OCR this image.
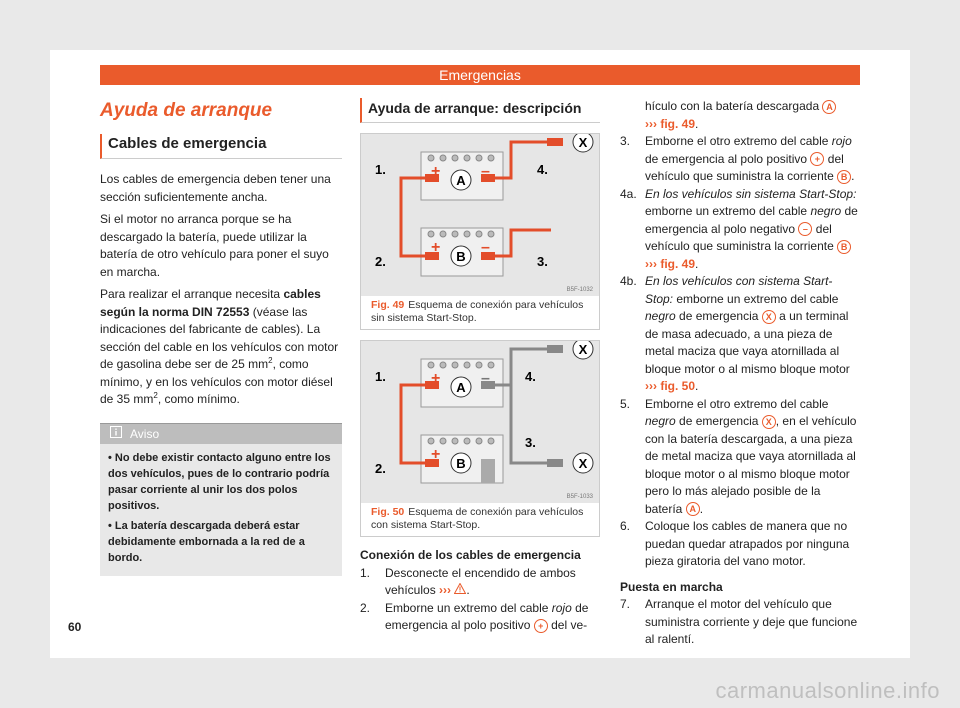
Emergencias
Ayuda de arranque
Cables de emergencia

Los cables de emergencia deben tener una sección suficientemente ancha.

Si el motor no arranca porque se ha descargado la batería, puede utilizar la batería de otro vehículo para poner el suyo en marcha.

Para realizar el arranque necesita cables según la norma DIN 72553 (véase las indicaciones del fabricante de cables). La sección del cable en los vehículos con motor de gasolina debe ser de 25 $mm^2$, como mínimo, y en los vehículos con motor diésel de 35 $mm^2$, como mínimo.

Aviso

• No debe existir contacto alguno entre los dos vehículos, pues de lo contrario podría pasar corriente al unir los dos polos positivos.

• La batería descargada deberá estar debidamente embornada a la red de a bordo.

Ayuda de arranque: descripción
+	–
+	–
A
B
X
1.
2.	3.
4.
B5F-1032
Fig. 49 Esquema de conexión para vehículos sin sistema Start-Stop.
+	–
+
A
B
X
X
1.
2.
3.
4.
B5F-1033
Fig. 50 Esquema de conexión para vehículos con sistema Start-Stop.
Conexión de los cables de emergencia
1. Desconecte el encendido de ambos vehículos ››› .
2. Emborne un extremo del cable rojo de emergencia al polo positivo + del ve-
hículo con la batería descargada A
››› fig. 49.
3. Emborne el otro extremo del cable rojo de emergencia al polo positivo + del vehículo que suministra la corriente B .
4a. En los vehículos sin sistema Start-Stop: emborne un extremo del cable negro de emergencia al polo negativo – del vehículo que suministra la corriente B
››› fig. 49.
4b. En los vehículos con sistema Start-Stop: emborne un extremo del cable negro de emergencia X a un terminal de masa adecuado, a una pieza de metal maciza que vaya atornillada al bloque motor o al mismo bloque motor ››› fig. 50.
5. Emborne el otro extremo del cable negro de emergencia X , en el vehículo con la batería descargada, a una pieza de metal maciza que vaya atornillada al bloque motor o al mismo bloque motor pero lo más alejado posible de la batería A .
6. Coloque los cables de manera que no puedan quedar atrapados por ninguna pieza giratoria del vano motor.
Puesta en marcha
7. Arranque el motor del vehículo que suministra corriente y deje que funcione al ralentí.
60
carmanualsonline.info
